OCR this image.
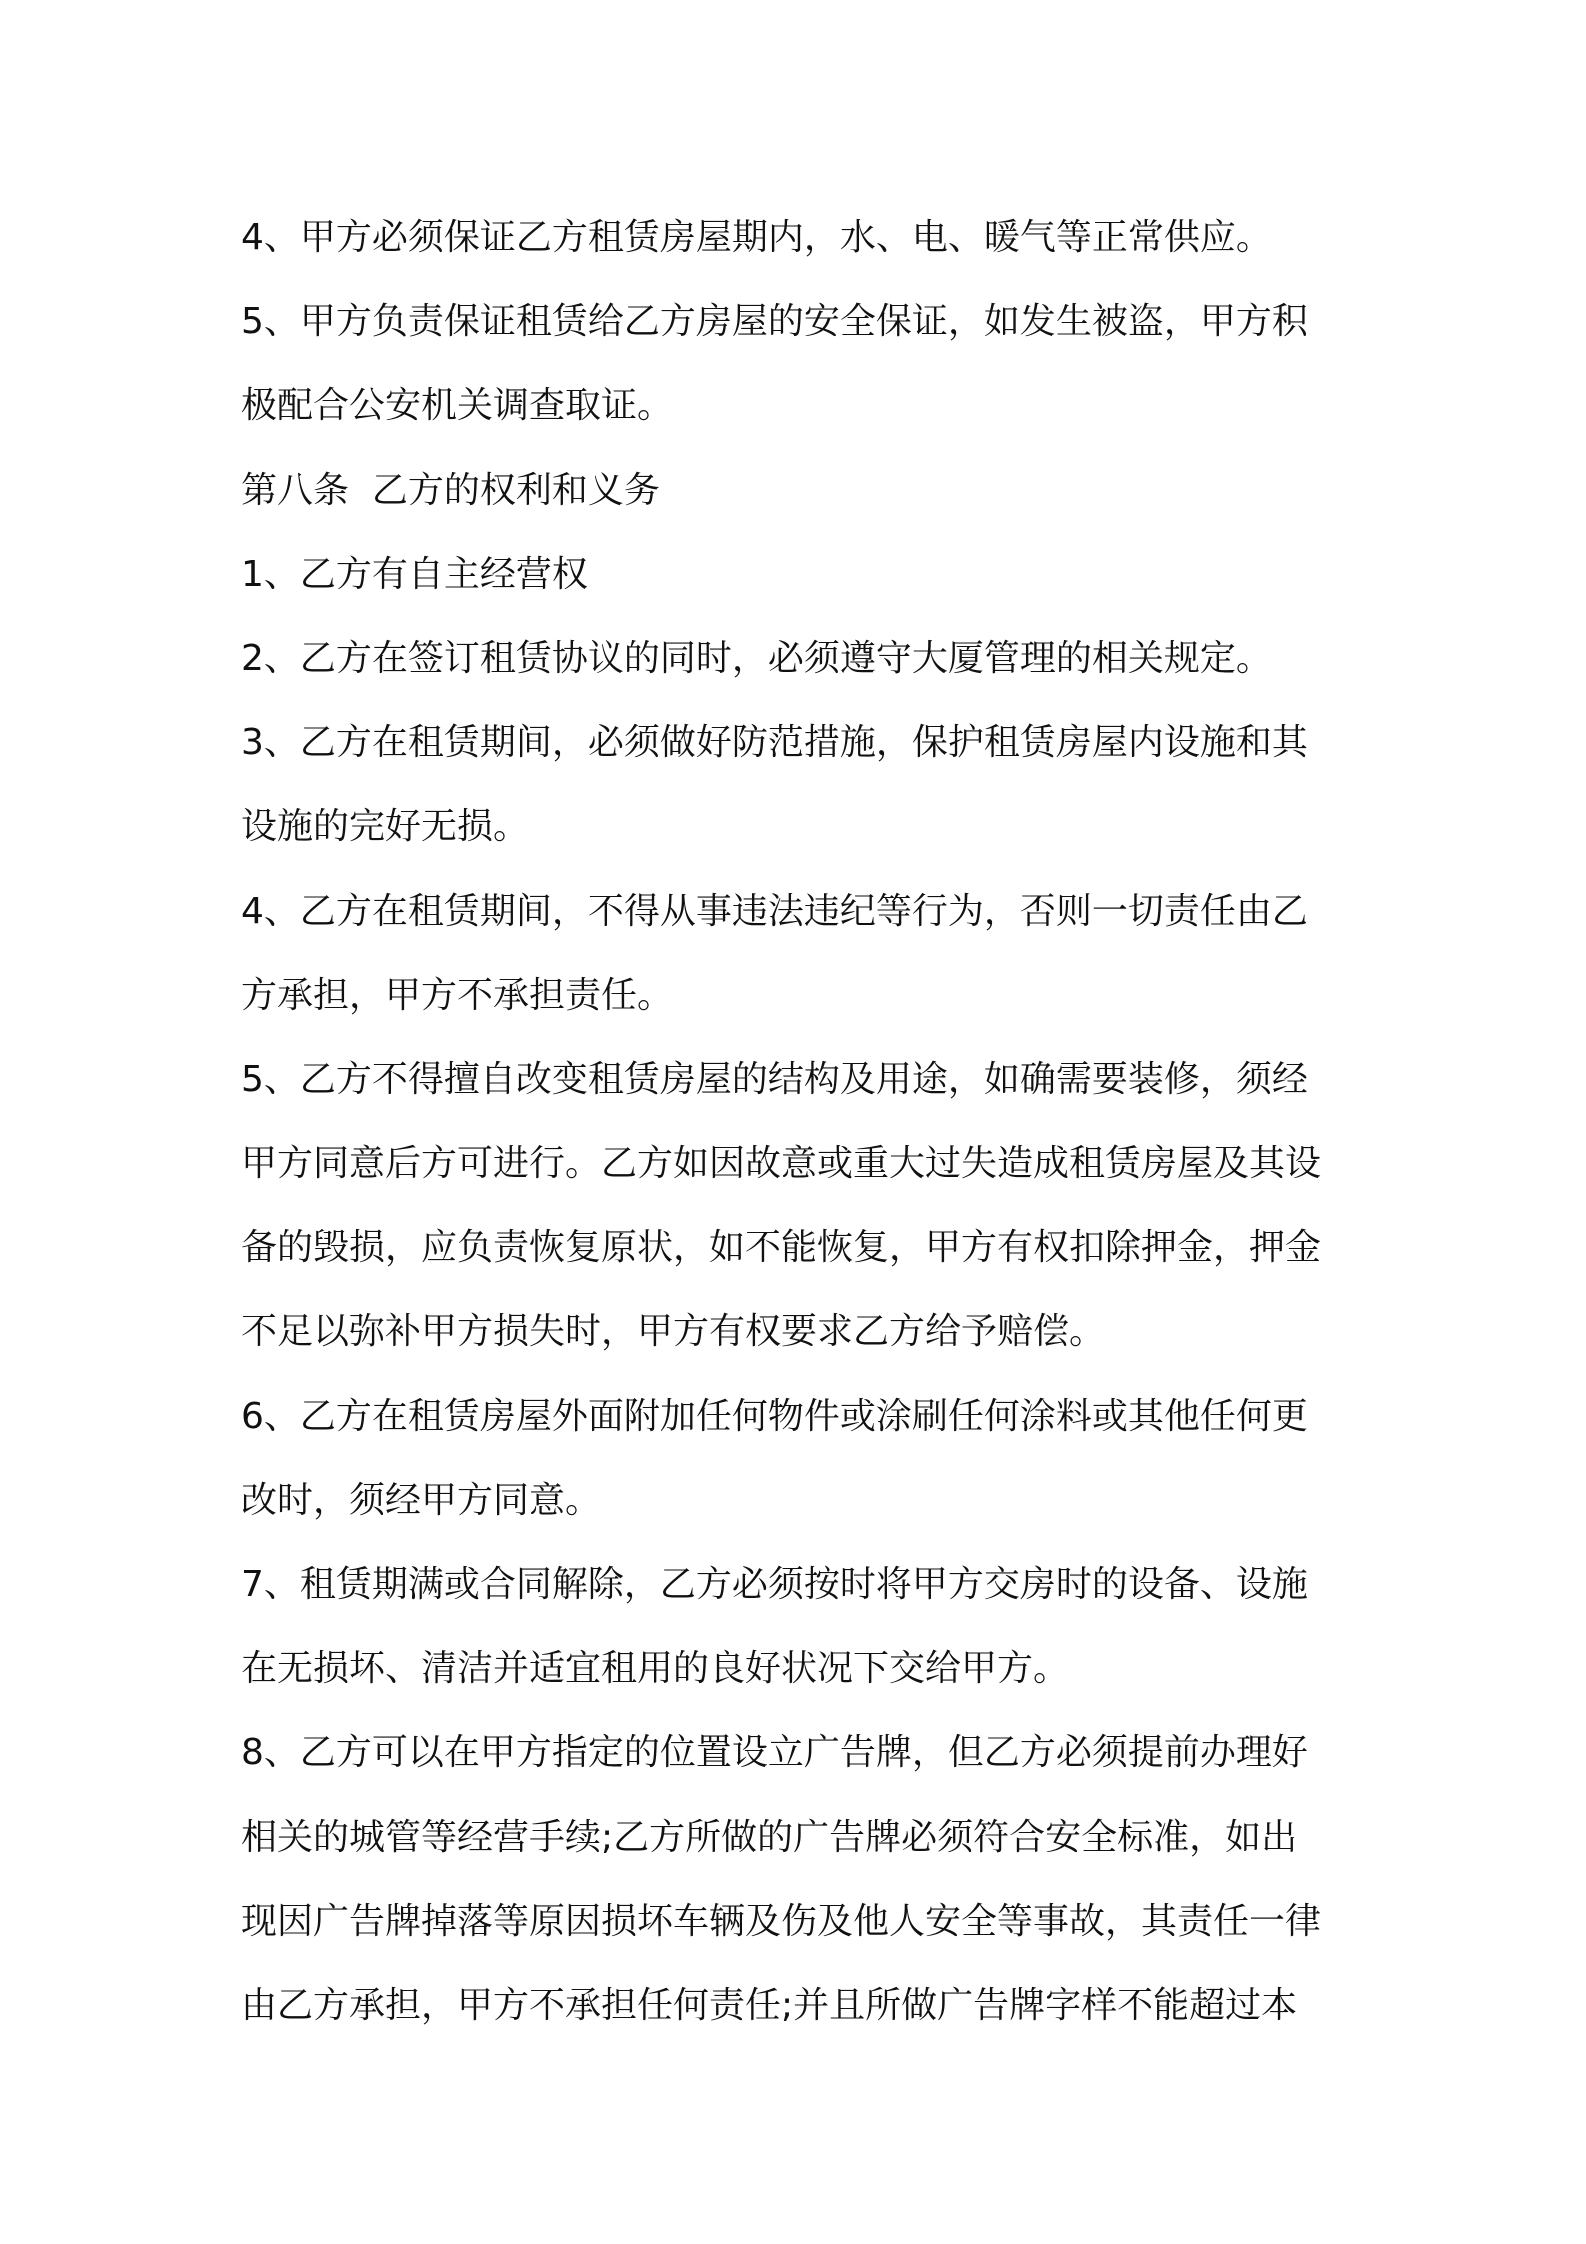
4、甲方必须保证乙方租赁房屋期内，水、电、暖气等正常供应。
5、甲方负责保证租赁给乙方房屋的安全保证，如发生被盗，甲方积
极配合公安机关调查取证。
第八条  乙方的权利和义务
1、乙方有自主经营权
2、乙方在签订租赁协议的同时，必须遵守大厦管理的相关规定。
3、乙方在租赁期间，必须做好防范措施，保护租赁房屋内设施和其
设施的完好无损。
4、乙方在租赁期间，不得从事违法违纪等行为，否则一切责任由乙
方承担，甲方不承担责任。
5、乙方不得擅自改变租赁房屋的结构及用途，如确需要装修，须经
甲方同意后方可进行。乙方如因故意或重大过失造成租赁房屋及其设
备的毁损，应负责恢复原状，如不能恢复，甲方有权扣除押金，押金
不足以弥补甲方损失时，甲方有权要求乙方给予赔偿。
6、乙方在租赁房屋外面附加任何物件或涂刷任何涂料或其他任何更
改时，须经甲方同意。
7、租赁期满或合同解除，乙方必须按时将甲方交房时的设备、设施
在无损坏、清洁并适宜租用的良好状况下交给甲方。
8、乙方可以在甲方指定的位置设立广告牌，但乙方必须提前办理好
相关的城管等经营手续;乙方所做的广告牌必须符合安全标准，如出
现因广告牌掉落等原因损坏车辆及伤及他人安全等事故，其责任一律
由乙方承担，甲方不承担任何责任;并且所做广告牌字样不能超过本
